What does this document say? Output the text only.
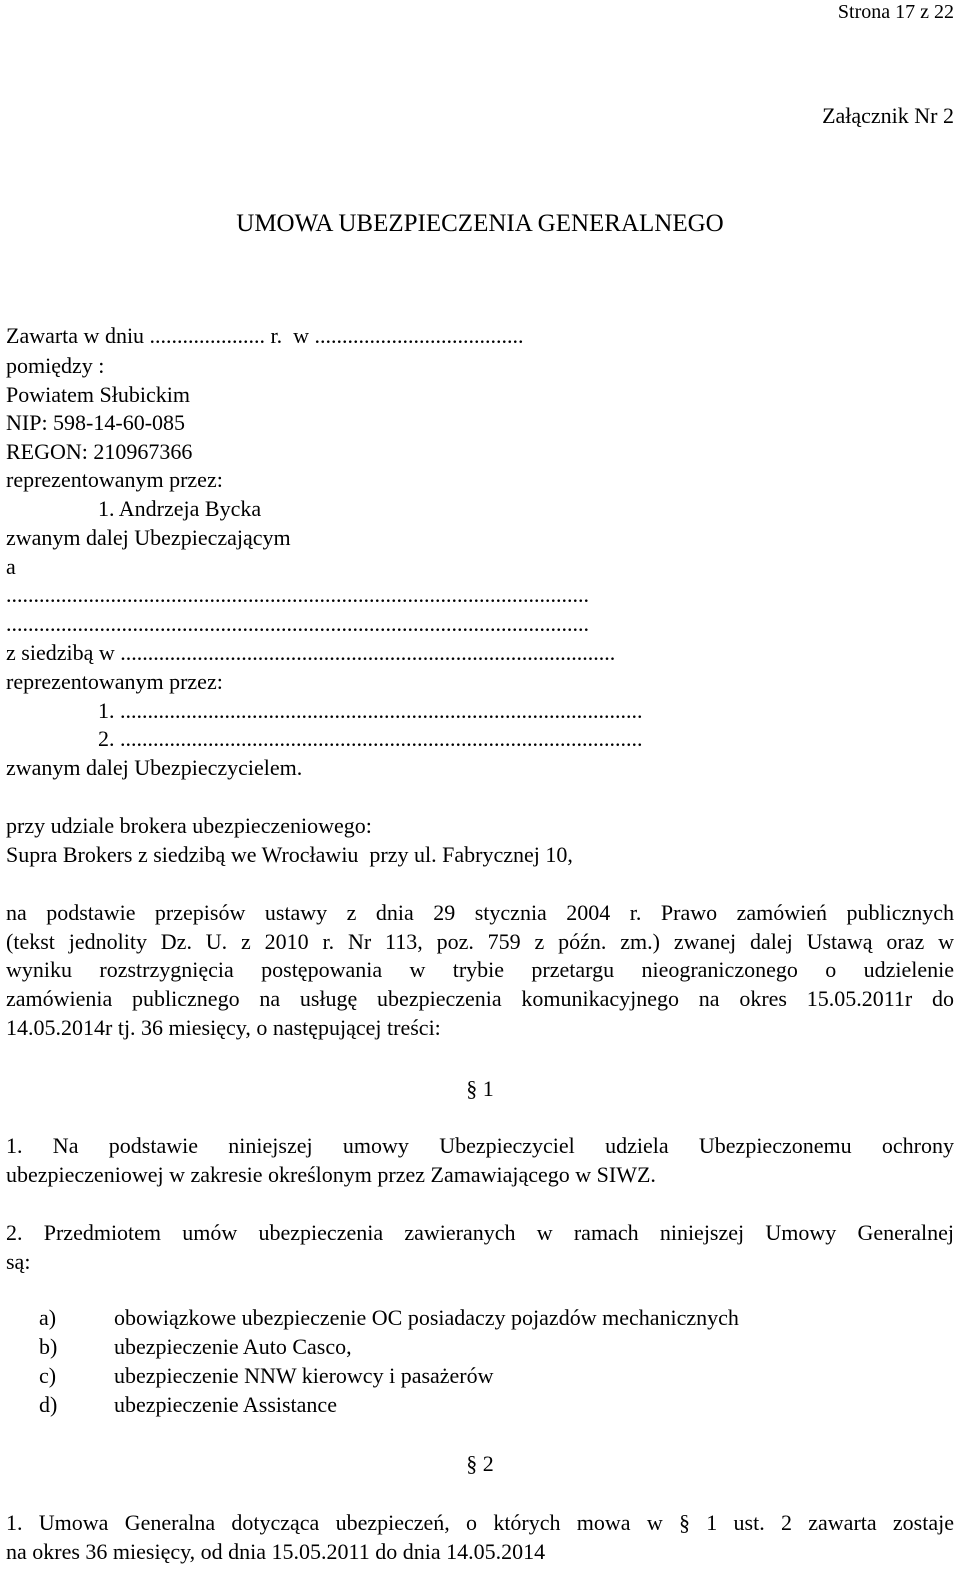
Strona 17 z 22
Załącznik Nr 2
UMOWA UBEZPIECZENIA GENERALNEGO
Zawarta w dniu ..................... r.  w ......................................
pomiędzy :
Powiatem Słubickim
NIP: 598-14-60-085
REGON: 210967366
reprezentowanym przez:
1. Andrzeja Bycka
zwanym dalej Ubezpieczającym
a
..........................................................................................................
..........................................................................................................
z siedzibą w ..........................................................................................
reprezentowanym przez:
1. ...............................................................................................
2. ...............................................................................................
zwanym dalej Ubezpieczycielem.
przy udziale brokera ubezpieczeniowego:
Supra Brokers z siedzibą we Wrocławiu  przy ul. Fabrycznej 10,
na podstawie przepisów ustawy z dnia 29 stycznia 2004 r. Prawo zamówień publicznych
(tekst jednolity Dz. U. z 2010 r. Nr 113, poz. 759 z późn. zm.) zwanej dalej Ustawą oraz w
wyniku rozstrzygnięcia postępowania w trybie przetargu nieograniczonego o udzielenie
zamówienia publicznego na usługę ubezpieczenia komunikacyjnego na okres 15.05.2011r do
14.05.2014r tj. 36 miesięcy, o następującej treści:
§ 1
1. Na podstawie niniejszej umowy Ubezpieczyciel udziela Ubezpieczonemu ochrony
ubezpieczeniowej w zakresie określonym przez Zamawiającego w SIWZ.
2. Przedmiotem umów ubezpieczenia zawieranych w ramach niniejszej Umowy Generalnej
są:

a)	obowiązkowe ubezpieczenie OC posiadaczy pojazdów mechanicznych

b)	ubezpieczenie Auto Casco,

c)	ubezpieczenie NNW kierowcy i pasażerów

d)	ubezpieczenie Assistance

§ 2
1. Umowa Generalna dotycząca ubezpieczeń, o których mowa w § 1 ust. 2 zawarta zostaje
na okres 36 miesięcy, od dnia 15.05.2011 do dnia 14.05.2014
